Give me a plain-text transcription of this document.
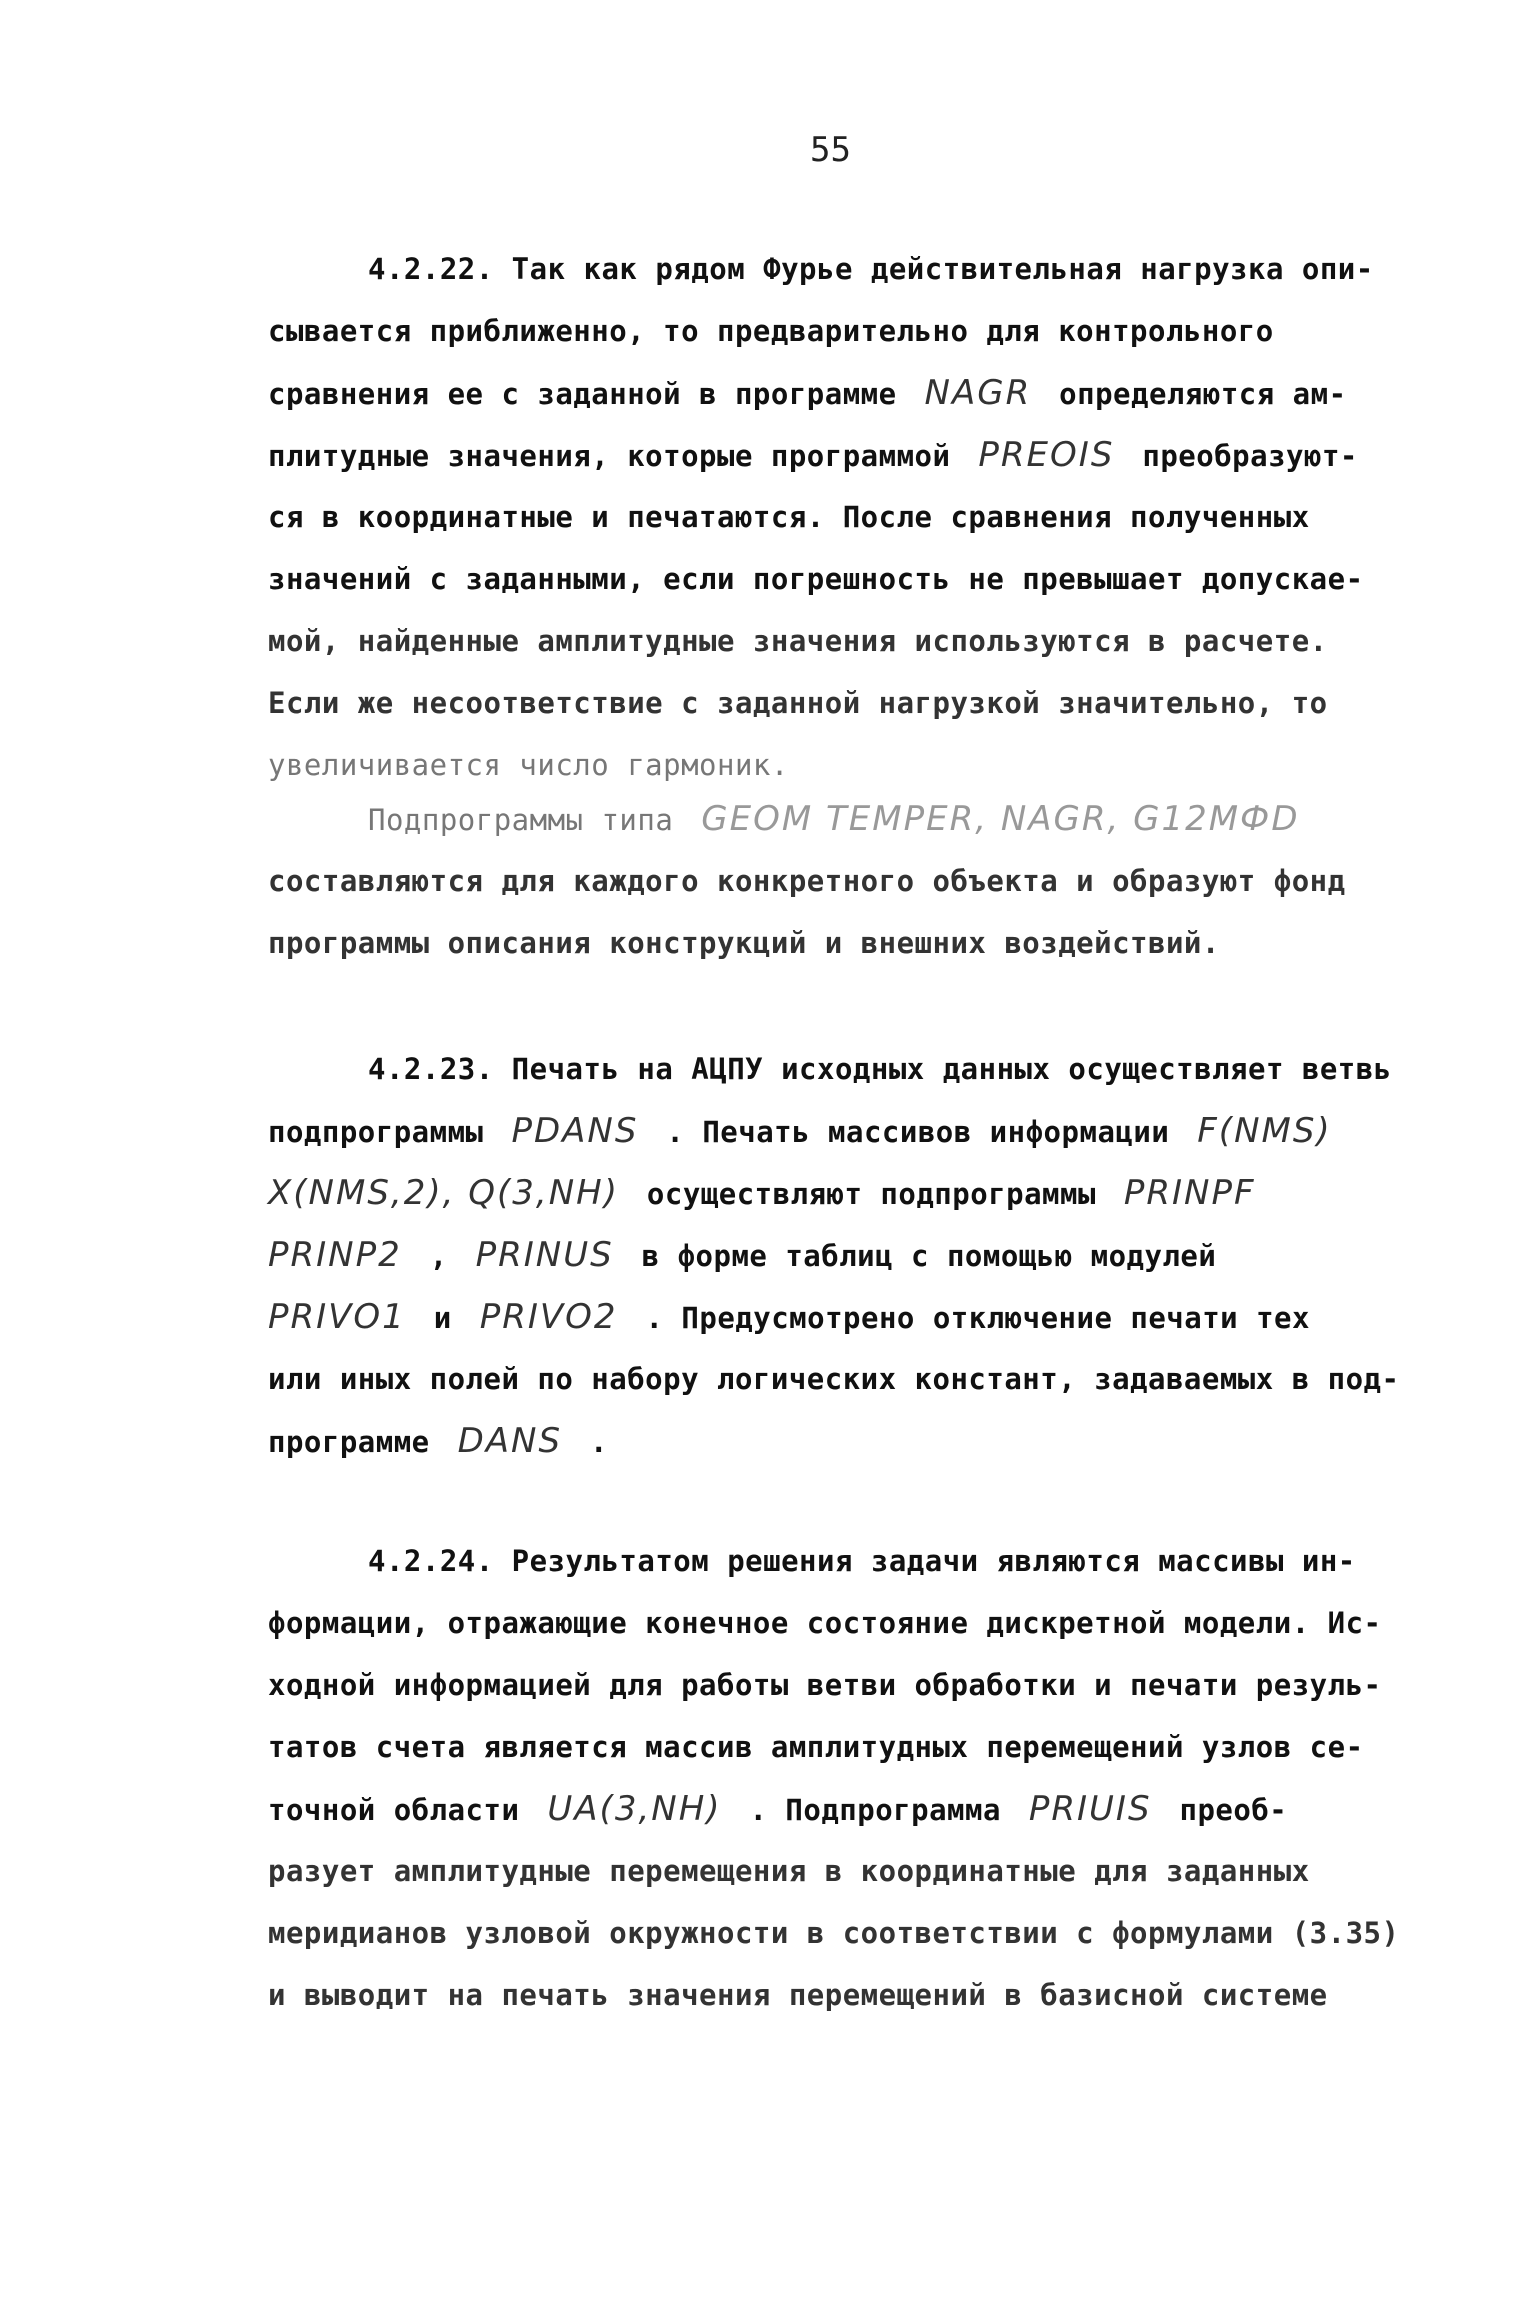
55
4.2.22. Так как рядом Фурье действительная нагрузка опи-
сывается приближенно, то предварительно для контрольного
сравнения ее с заданной в программе NAGR определяются ам-
плитудные значения, которые программой PREOIS преобразуют-
ся в координатные и печатаются. После сравнения полученных
значений с заданными, если погрешность не превышает допускае-
мой, найденные амплитудные значения используются в расчете.
Если же несоответствие с заданной нагрузкой значительно, то
увеличивается число гармоник.
Подпрограммы типа GEOM TEMPER, NAGR, G12MФD
составляются для каждого конкретного объекта и образуют фонд
программы описания конструкций и внешних воздействий.
4.2.23. Печать на АЦПУ исходных данных осуществляет ветвь
подпрограммы PDANS . Печать массивов информации F(NMS)
X(NMS,2), Q(3,NH) осуществляют подпрограммы PRINPF
PRINP2 , PRINUS в форме таблиц с помощью модулей
PRIVO1 и PRIVO2 . Предусмотрено отключение печати тех
или иных полей по набору логических констант, задаваемых в под-
программе DANS .
4.2.24. Результатом решения задачи являются массивы ин-
формации, отражающие конечное состояние дискретной модели. Ис-
ходной информацией для работы ветви обработки и печати резуль-
татов счета является массив амплитудных перемещений узлов се-
точной области UA(3,NH) . Подпрограмма PRIUIS преоб-
разует амплитудные перемещения в координатные для заданных
меридианов узловой окружности в соответствии с формулами (3.35)
и выводит на печать значения перемещений в базисной системе
